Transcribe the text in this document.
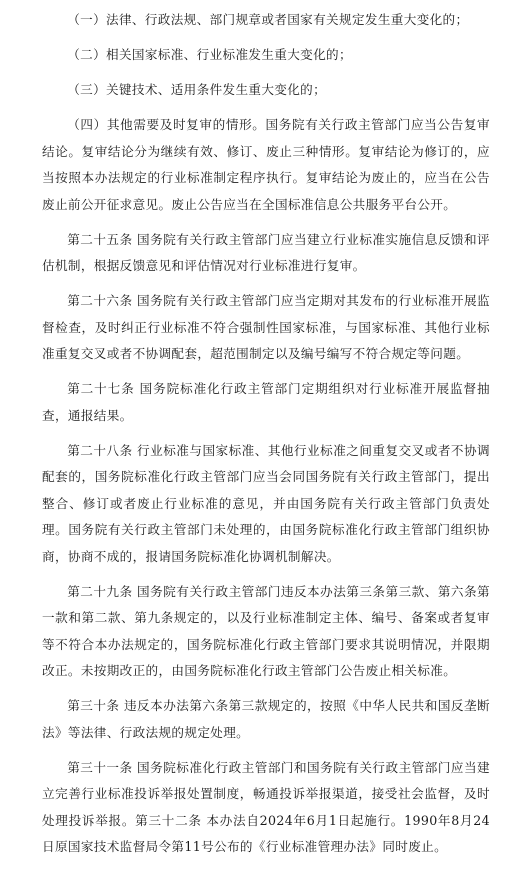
（一）法律、行政法规、部门规章或者国家有关规定发生重大变化的；

（二）相关国家标准、行业标准发生重大变化的；

（三）关键技术、适用条件发生重大变化的；

（四）其他需要及时复审的情形。国务院有关行政主管部门应当公告复审结论。复审结论分为继续有效、修订、废止三种情形。复审结论为修订的，应当按照本办法规定的行业标准制定程序执行。复审结论为废止的，应当在公告废止前公开征求意见。废止公告应当在全国标准信息公共服务平台公开。

第二十五条 国务院有关行政主管部门应当建立行业标准实施信息反馈和评估机制，根据反馈意见和评估情况对行业标准进行复审。

第二十六条 国务院有关行政主管部门应当定期对其发布的行业标准开展监督检查，及时纠正行业标准不符合强制性国家标准，与国家标准、其他行业标准重复交叉或者不协调配套，超范围制定以及编号编写不符合规定等问题。

第二十七条 国务院标准化行政主管部门定期组织对行业标准开展监督抽查，通报结果。

第二十八条 行业标准与国家标准、其他行业标准之间重复交叉或者不协调配套的，国务院标准化行政主管部门应当会同国务院有关行政主管部门，提出整合、修订或者废止行业标准的意见，并由国务院有关行政主管部门负责处理。国务院有关行政主管部门未处理的，由国务院标准化行政主管部门组织协商，协商不成的，报请国务院标准化协调机制解决。

第二十九条 国务院有关行政主管部门违反本办法第三条第三款、第六条第一款和第二款、第九条规定的，以及行业标准制定主体、编号、备案或者复审等不符合本办法规定的，国务院标准化行政主管部门要求其说明情况，并限期改正。未按期改正的，由国务院标准化行政主管部门公告废止相关标准。

第三十条 违反本办法第六条第三款规定的，按照《中华人民共和国反垄断法》等法律、行政法规的规定处理。

第三十一条 国务院标准化行政主管部门和国务院有关行政主管部门应当建立完善行业标准投诉举报处置制度，畅通投诉举报渠道，接受社会监督，及时处理投诉举报。第三十二条 本办法自2024年6月1日起施行。1990年8月24日原国家技术监督局令第11号公布的《行业标准管理办法》同时废止。
